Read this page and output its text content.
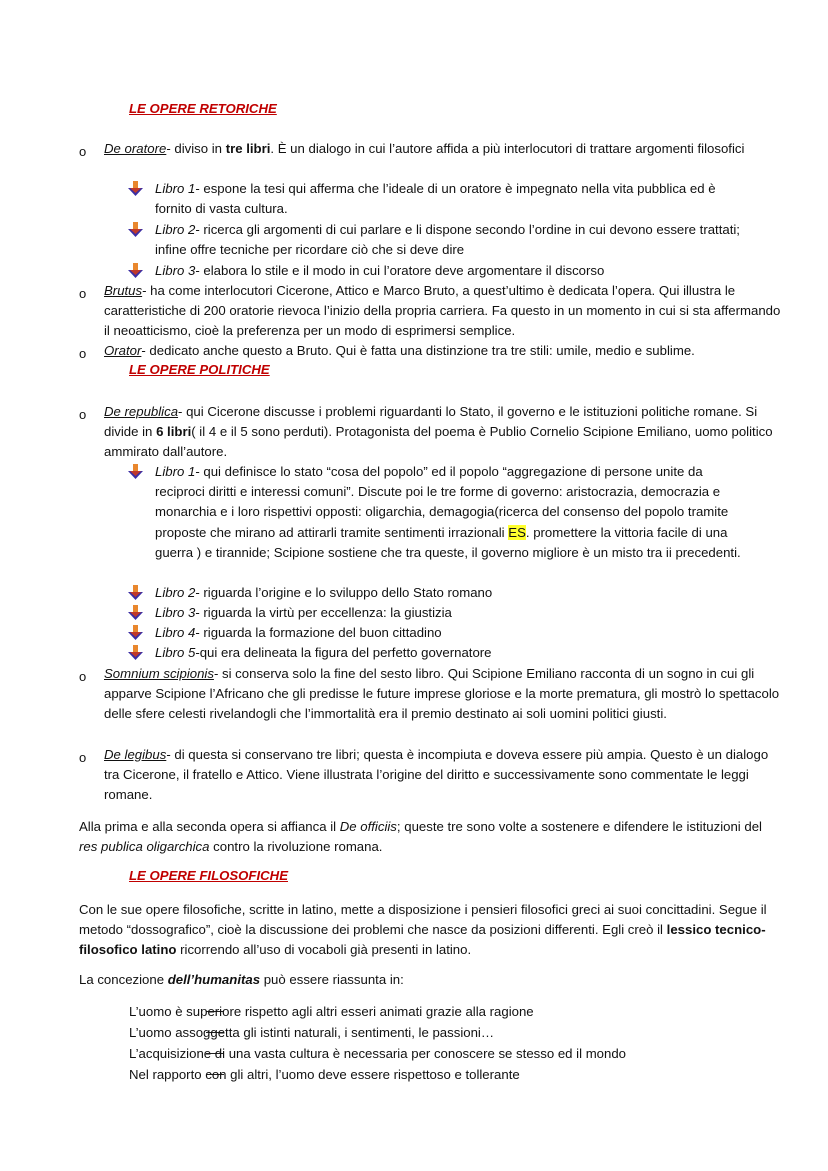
LE OPERE RETORICHE
o De oratore- diviso in tre libri. È un dialogo in cui l’autore affida a più interlocutori di trattare argomenti filosofici
Libro 1- espone la tesi qui afferma che l’ideale di un oratore è impegnato nella vita pubblica ed è fornito di vasta cultura.
Libro 2- ricerca gli argomenti di cui parlare e li dispone secondo l’ordine in cui devono essere trattati; infine offre tecniche per ricordare ciò che si deve dire
Libro 3- elabora lo stile e il modo in cui l’oratore deve argomentare il discorso
o Brutus- ha come interlocutori Cicerone, Attico e Marco Bruto, a quest’ultimo è dedicata l’opera. Qui illustra le caratteristiche di 200 oratorie rievoca l’inizio della propria carriera. Fa questo in un momento in cui si sta affermando il neoatticismo, cioè la preferenza per un modo di esprimersi semplice.
o Orator- dedicato anche questo a Bruto. Qui è fatta una distinzione tra tre stili: umile, medio e sublime.
LE OPERE POLITICHE
o De republica- qui Cicerone discusse i problemi riguardanti lo Stato, il governo e le istituzioni politiche romane. Si divide in 6 libri( il 4 e il 5 sono perduti). Protagonista del poema è Publio Cornelio Scipione Emiliano, uomo politico ammirato dall’autore.
Libro 1- qui definisce lo stato “cosa del popolo” ed il popolo “aggregazione di persone unite da reciproci diritti e interessi comuni”. Discute poi le tre forme di governo: aristocrazia, democrazia e monarchia e i loro rispettivi opposti: oligarchia, demagogia(ricerca del consenso del popolo tramite proposte che mirano ad attirarli tramite sentimenti irrazionali ES. promettere la vittoria facile di una guerra ) e tirannide; Scipione sostiene che tra queste, il governo migliore è un misto tra ii precedenti.
Libro 2- riguarda l’origine e lo sviluppo dello Stato romano
Libro 3- riguarda la virtù per eccellenza: la giustizia
Libro 4- riguarda la formazione del buon cittadino
Libro 5-qui era delineata la figura del perfetto governatore
o Somnium scipionis- si conserva solo la fine del sesto libro. Qui Scipione Emiliano racconta di un sogno in cui gli apparve Scipione l’Africano che gli predisse le future imprese gloriose e la morte prematura, gli mostrò lo spettacolo delle sfere celesti rivelandogli che l’immortalità era il premio destinato ai soli uomini politici giusti.
o De legibus- di questa si conservano tre libri; questa è incompiuta e doveva essere più ampia. Questo è un dialogo tra Cicerone, il fratello e Attico. Viene illustrata l’origine del diritto e successivamente sono commentate le leggi romane.
Alla prima e alla seconda opera si affianca il De officiis; queste tre sono volte a sostenere e difendere le istituzioni del res publica oligarchica contro la rivoluzione romana.
LE OPERE FILOSOFICHE
Con le sue opere filosofiche, scritte in latino, mette a disposizione i pensieri filosofici greci ai suoi concittadini. Segue il metodo “dossografico”, cioè la discussione dei problemi che nasce da posizioni differenti. Egli creò il lessico tecnico-filosofico latino ricorrendo all’uso di vocaboli già presenti in latino.
La concezione dell’humanitas può essere riassunta in:
L’uomo è superiore rispetto agli altri esseri animati grazie alla ragione
L’uomo assoggetta gli istinti naturali, i sentimenti, le passioni…
L’acquisizione di una vasta cultura è necessaria per conoscere se stesso ed il mondo
Nel rapporto con gli altri, l’uomo deve essere rispettoso e tollerante
